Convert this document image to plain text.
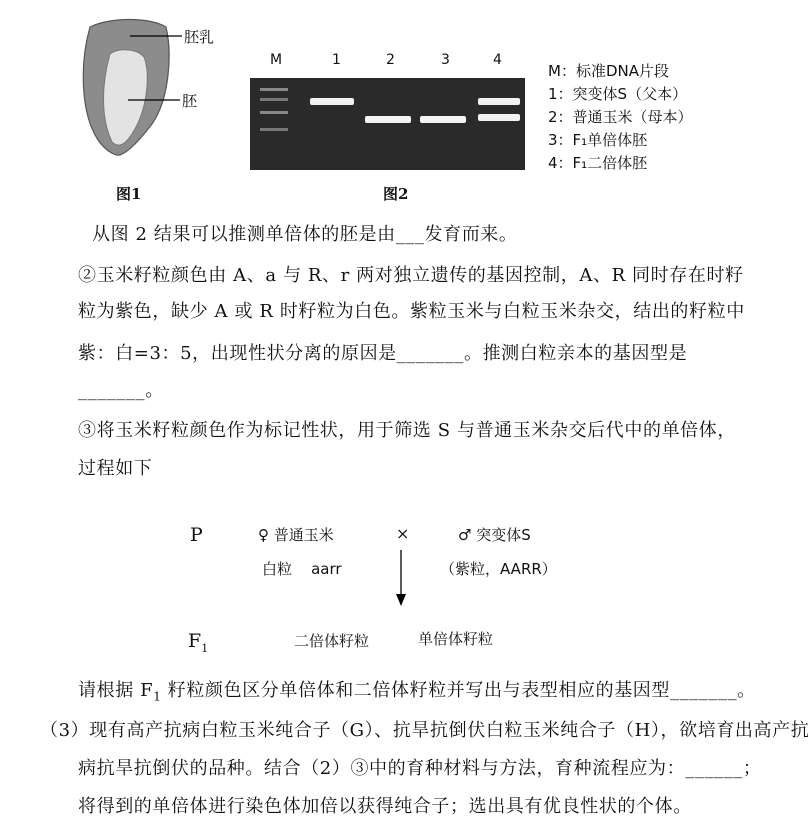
胚乳
胚
图1
M	1	2	3	4
图2
M：标准DNA片段
1：突变体S（父本）
2：普通玉米（母本）
3：F₁单倍体胚
4：F₁二倍体胚
从图 2 结果可以推测单倍体的胚是由___发育而来。
②玉米籽粒颜色由 A、a 与 R、r 两对独立遗传的基因控制，A、R 同时存在时籽
粒为紫色，缺少 A 或 R 时籽粒为白色。紫粒玉米与白粒玉米杂交，结出的籽粒中
紫：白=3：5，出现性状分离的原因是_______。推测白粒亲本的基因型是
_______。
③将玉米籽粒颜色作为标记性状，用于筛选 S 与普通玉米杂交后代中的单倍体，
过程如下
P	♀ 普通玉米	×	♂ 突变体S
白粒    aarr	（紫粒，AARR）
$F_1$	二倍体籽粒	单倍体籽粒
请根据 $F_1$ 籽粒颜色区分单倍体和二倍体籽粒并写出与表型相应的基因型_______。
（3）现有高产抗病白粒玉米纯合子（G）、抗旱抗倒伏白粒玉米纯合子（H），欲培育出高产抗
病抗旱抗倒伏的品种。结合（2）③中的育种材料与方法，育种流程应为：______；
将得到的单倍体进行染色体加倍以获得纯合子；选出具有优良性状的个体。
